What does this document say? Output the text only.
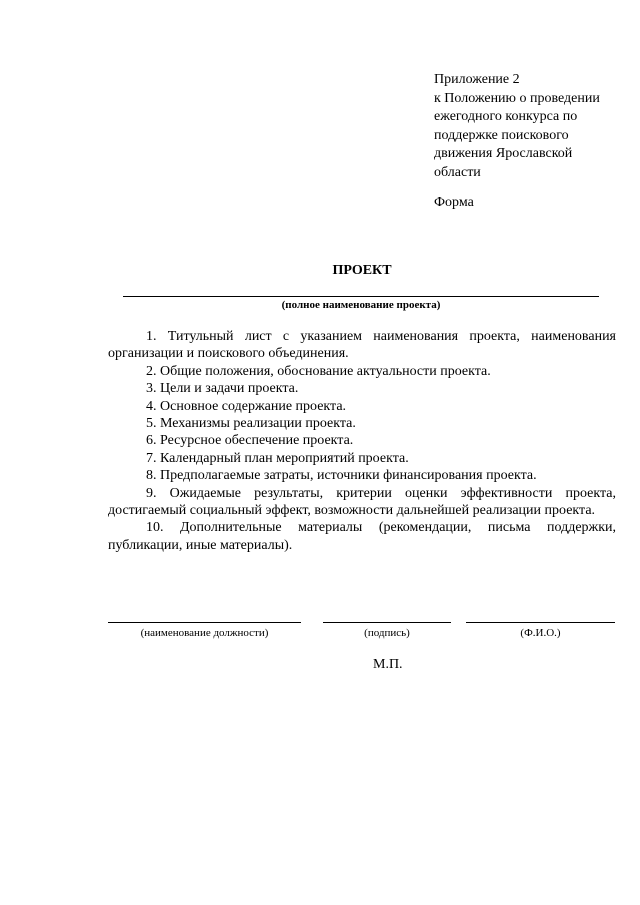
Приложение 2
к Положению о проведении
ежегодного конкурса по
поддержке поискового
движения Ярославской
области
Форма
ПРОЕКТ
(полное наименование проекта)

1. Титульный лист с указанием наименования проекта, наименования организации и поискового объединения.

2. Общие положения, обоснование актуальности проекта.

3. Цели и задачи проекта.

4. Основное содержание проекта.

5. Механизмы реализации проекта.

6. Ресурсное обеспечение проекта.

7. Календарный план мероприятий проекта.

8. Предполагаемые затраты, источники финансирования проекта.

9. Ожидаемые результаты, критерии оценки эффективности проекта, достигаемый социальный эффект, возможности дальнейшей реализации проекта.

10. Дополнительные материалы (рекомендации, письма поддержки, публикации, иные материалы).

(наименование должности)	(подпись)	(Ф.И.О.)
М.П.
